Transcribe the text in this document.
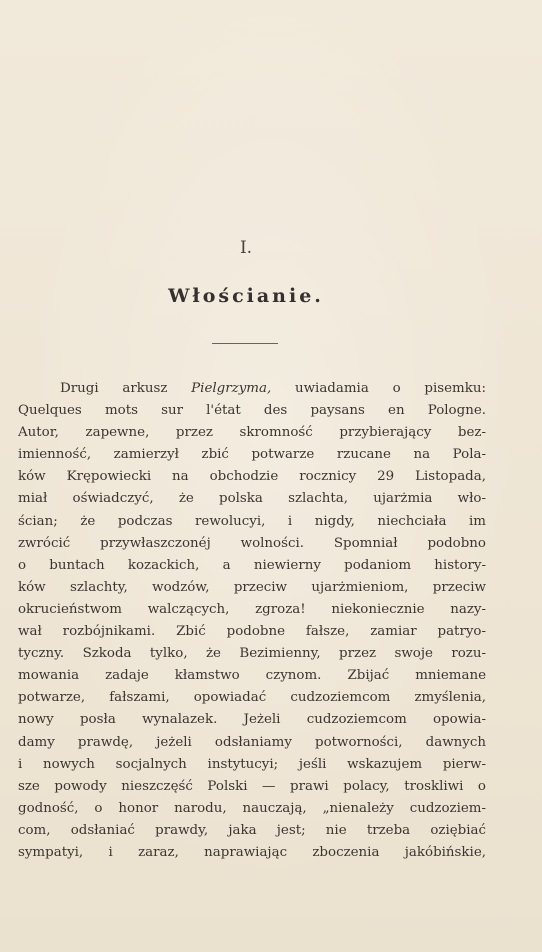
I.
Włościanie.
Drugi arkusz Pielgrzyma, uwiadamia o pisemku:
Quelques mots sur l'état des paysans en Pologne.
Autor, zapewne, przez skromność przybierający bez-
imienność, zamierzył zbić potwarze rzucane na Pola-
ków Krępowiecki na obchodzie rocznicy 29 Listopada,
miał oświadczyć, że polska szlachta, ujarżmia wło-
ścian; że podczas rewolucyi, i nigdy, niechciała im
zwrócić przywłaszczonéj wolności. Spomniał podobno
o buntach kozackich, a niewierny podaniom history-
ków szlachty, wodzów, przeciw ujarżmieniom, przeciw
okrucieństwom walczących, zgroza! niekoniecznie nazy-
wał rozbójnikami. Zbić podobne fałsze, zamiar patryo-
tyczny. Szkoda tylko, że Bezimienny, przez swoje rozu-
mowania zadaje kłamstwo czynom. Zbijać mniemane
potwarze, fałszami, opowiadać cudzoziemcom zmyślenia,
nowy posła wynalazek. Jeżeli cudzoziemcom opowia-
damy prawdę, jeżeli odsłaniamy potworności, dawnych
i nowych socjalnych instytucyi; jeśli wskazujem pierw-
sze powody nieszczęść Polski — prawi polacy, troskliwi o
godność, o honor narodu, nauczają, „nienależy cudzoziem-
com, odsłaniać prawdy, jaka jest; nie trzeba oziębiać
sympatyi, i zaraz, naprawiając zboczenia jakóbińskie,
